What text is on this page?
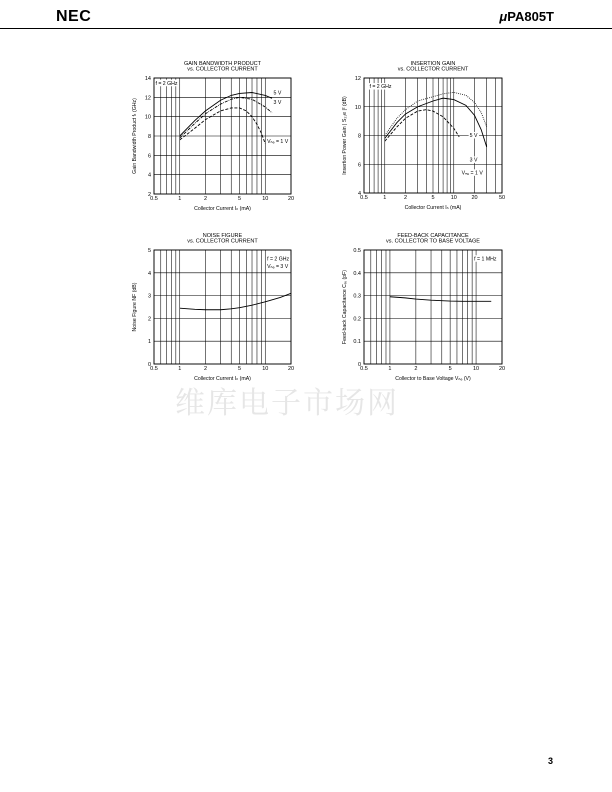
NEC	μPA805T
GAIN BANDWIDTH PRODUCT
vs. COLLECTOR CURRENT
0.5	1	2	5	10	20
2
4
6
8
10
12
14
Collector Current Iₙ (mA)
Gain Bandwidth Product fₜ (GHz)
f = 2 GHz
5 V
3 V
Vₙₑ = 1 V
INSERTION GAIN
vs. COLLECTOR CURRENT
0.5	1	2	5	10	20	50
4
6
8
10
12
Collector Current Iₙ (mA)
Insertion Power Gain | S₂₁e |² (dB)
f = 2 GHz
5 V
3 V
Vₙₑ = 1 V
NOISE FIGURE
vs. COLLECTOR CURRENT
0.5	1	2	5	10	20
0
1
2
3
4
5
Collector Current Iₙ (mA)
Noise Figure NF (dB)
f = 2 GHz
Vₙₑ = 3 V
FEED-BACK CAPACITANCE
vs. COLLECTOR TO BASE VOLTAGE
0.5	1	2	5	10	20
0
0.1
0.2
0.3
0.4
0.5
Collector to Base Voltage Vₙₑ (V)
Feed-back Capacitance Cᵣₑ (pF)
f = 1 MHz
维库电子市场网
3
